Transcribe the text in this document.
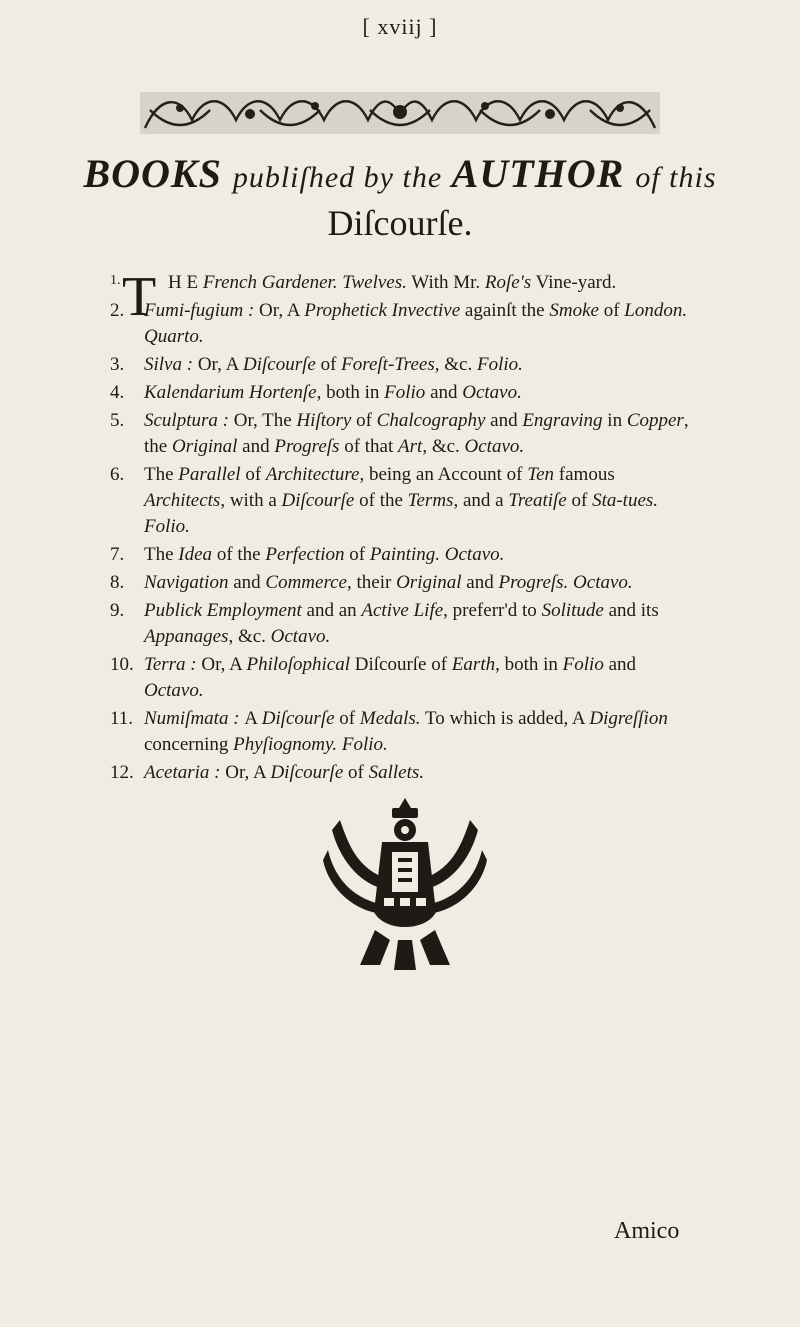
[ xviij ]
BOOKS publiſhed by the AUTHOR of this
Diſcourſe.
1. T H E French Gardener. Twelves. With Mr. Roſe's Vine-yard.
2. Fumi-fugium : Or, A Prophetick Invective againſt the Smoke of London. Quarto.
3. Silva : Or, A Diſcourſe of Foreſt-Trees, &c. Folio.
4. Kalendarium Hortenſe, both in Folio and Octavo.
5. Sculptura : Or, The Hiſtory of Chalcography and Engraving in Copper, the Original and Progreſs of that Art, &c. Octavo.
6. The Parallel of Architecture, being an Account of Ten famous Architects, with a Diſcourſe of the Terms, and a Treatiſe of Sta-tues. Folio.
7. The Idea of the Perfection of Painting. Octavo.
8. Navigation and Commerce, their Original and Progreſs. Octavo.
9. Publick Employment and an Active Life, preferr'd to Solitude and its Appanages, &c. Octavo.
10. Terra : Or, A Philoſophical Diſcourſe of Earth, both in Folio and Octavo.
11. Numiſmata : A Diſcourſe of Medals. To which is added, A Digreſſion concerning Phyſiognomy. Folio.
12. Acetaria : Or, A Diſcourſe of Sallets.
Amico
